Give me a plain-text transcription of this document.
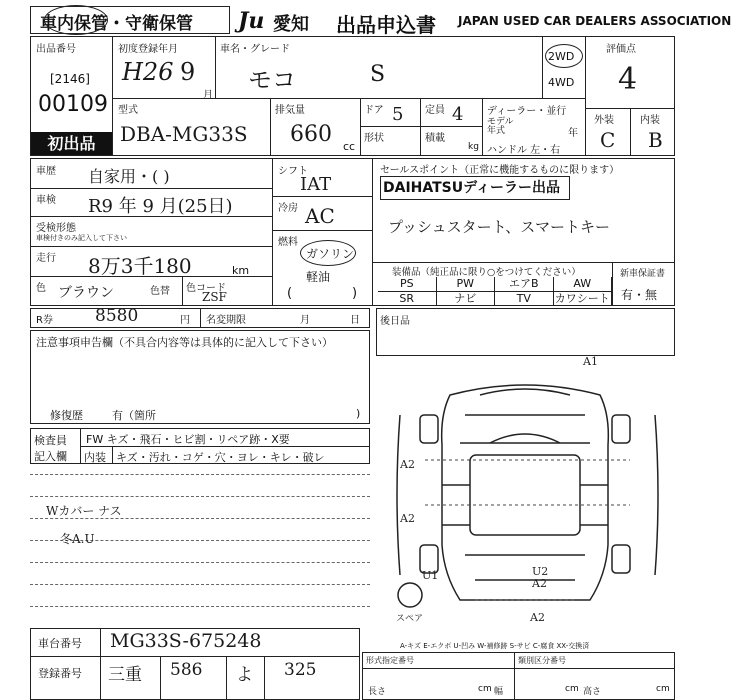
車内保管・守衛保管 Ju 愛知 出品申込書 JAPAN USED CAR DEALERS ASSOCIATION
出品番号
[2146]
00109
初出品
初度登録年月
H26 9
月
車名・グレード
モコ	S
2WD
4WD
評価点
4
外装	内装
C B
型式
DBA-MG33S
排気量
660 cc
ドア 5 定員 4
形状	積載
kg
ディーラー・並行
モデル年式	年
ハンドル 左・右
車歴 自家用・( )
車検 R9 年 9 月(25日)
受検形態
車検付きのみ記入して下さい
走行 8万3千180	km
色 ブラウン	色替 色コード
ZSF
シフト
IAT
冷房 AC
燃料
ガソリン
軽油
(	)
セールスポイント（正常に機能するものに限ります）
DAIHATSUディーラー出品
プッシュスタート、スマートキー
装備品（純正品に限り○をつけてください）
PS	PW	エアB	AW
SR	ナビ	TV	カワシート
新車保証書
有・無
R券 8580	円 名変期限	月	日 後日品
注意事項申告欄（不具合内容等は具体的に記入して下さい）
修復歴	有（箇所	)
検査員
記入欄
FW キズ・飛石・ヒビ割・リペア跡・X要
内装 キズ・汚れ・コゲ・穴・ヨレ・キレ・破レ
Wカバー ナス
冬A.U
A1
A2
A2
U1	U2
A2
A2
スペア
A-キズ E-エクボ U-凹み W-補修跡 S-サビ C-腐食 XX-交換済
車台番号 MG33S-675248
登録番号 三重 586 よ 325	形式指定番号	類別区分番号
長さ	cm 幅	cm 高さ	cm
